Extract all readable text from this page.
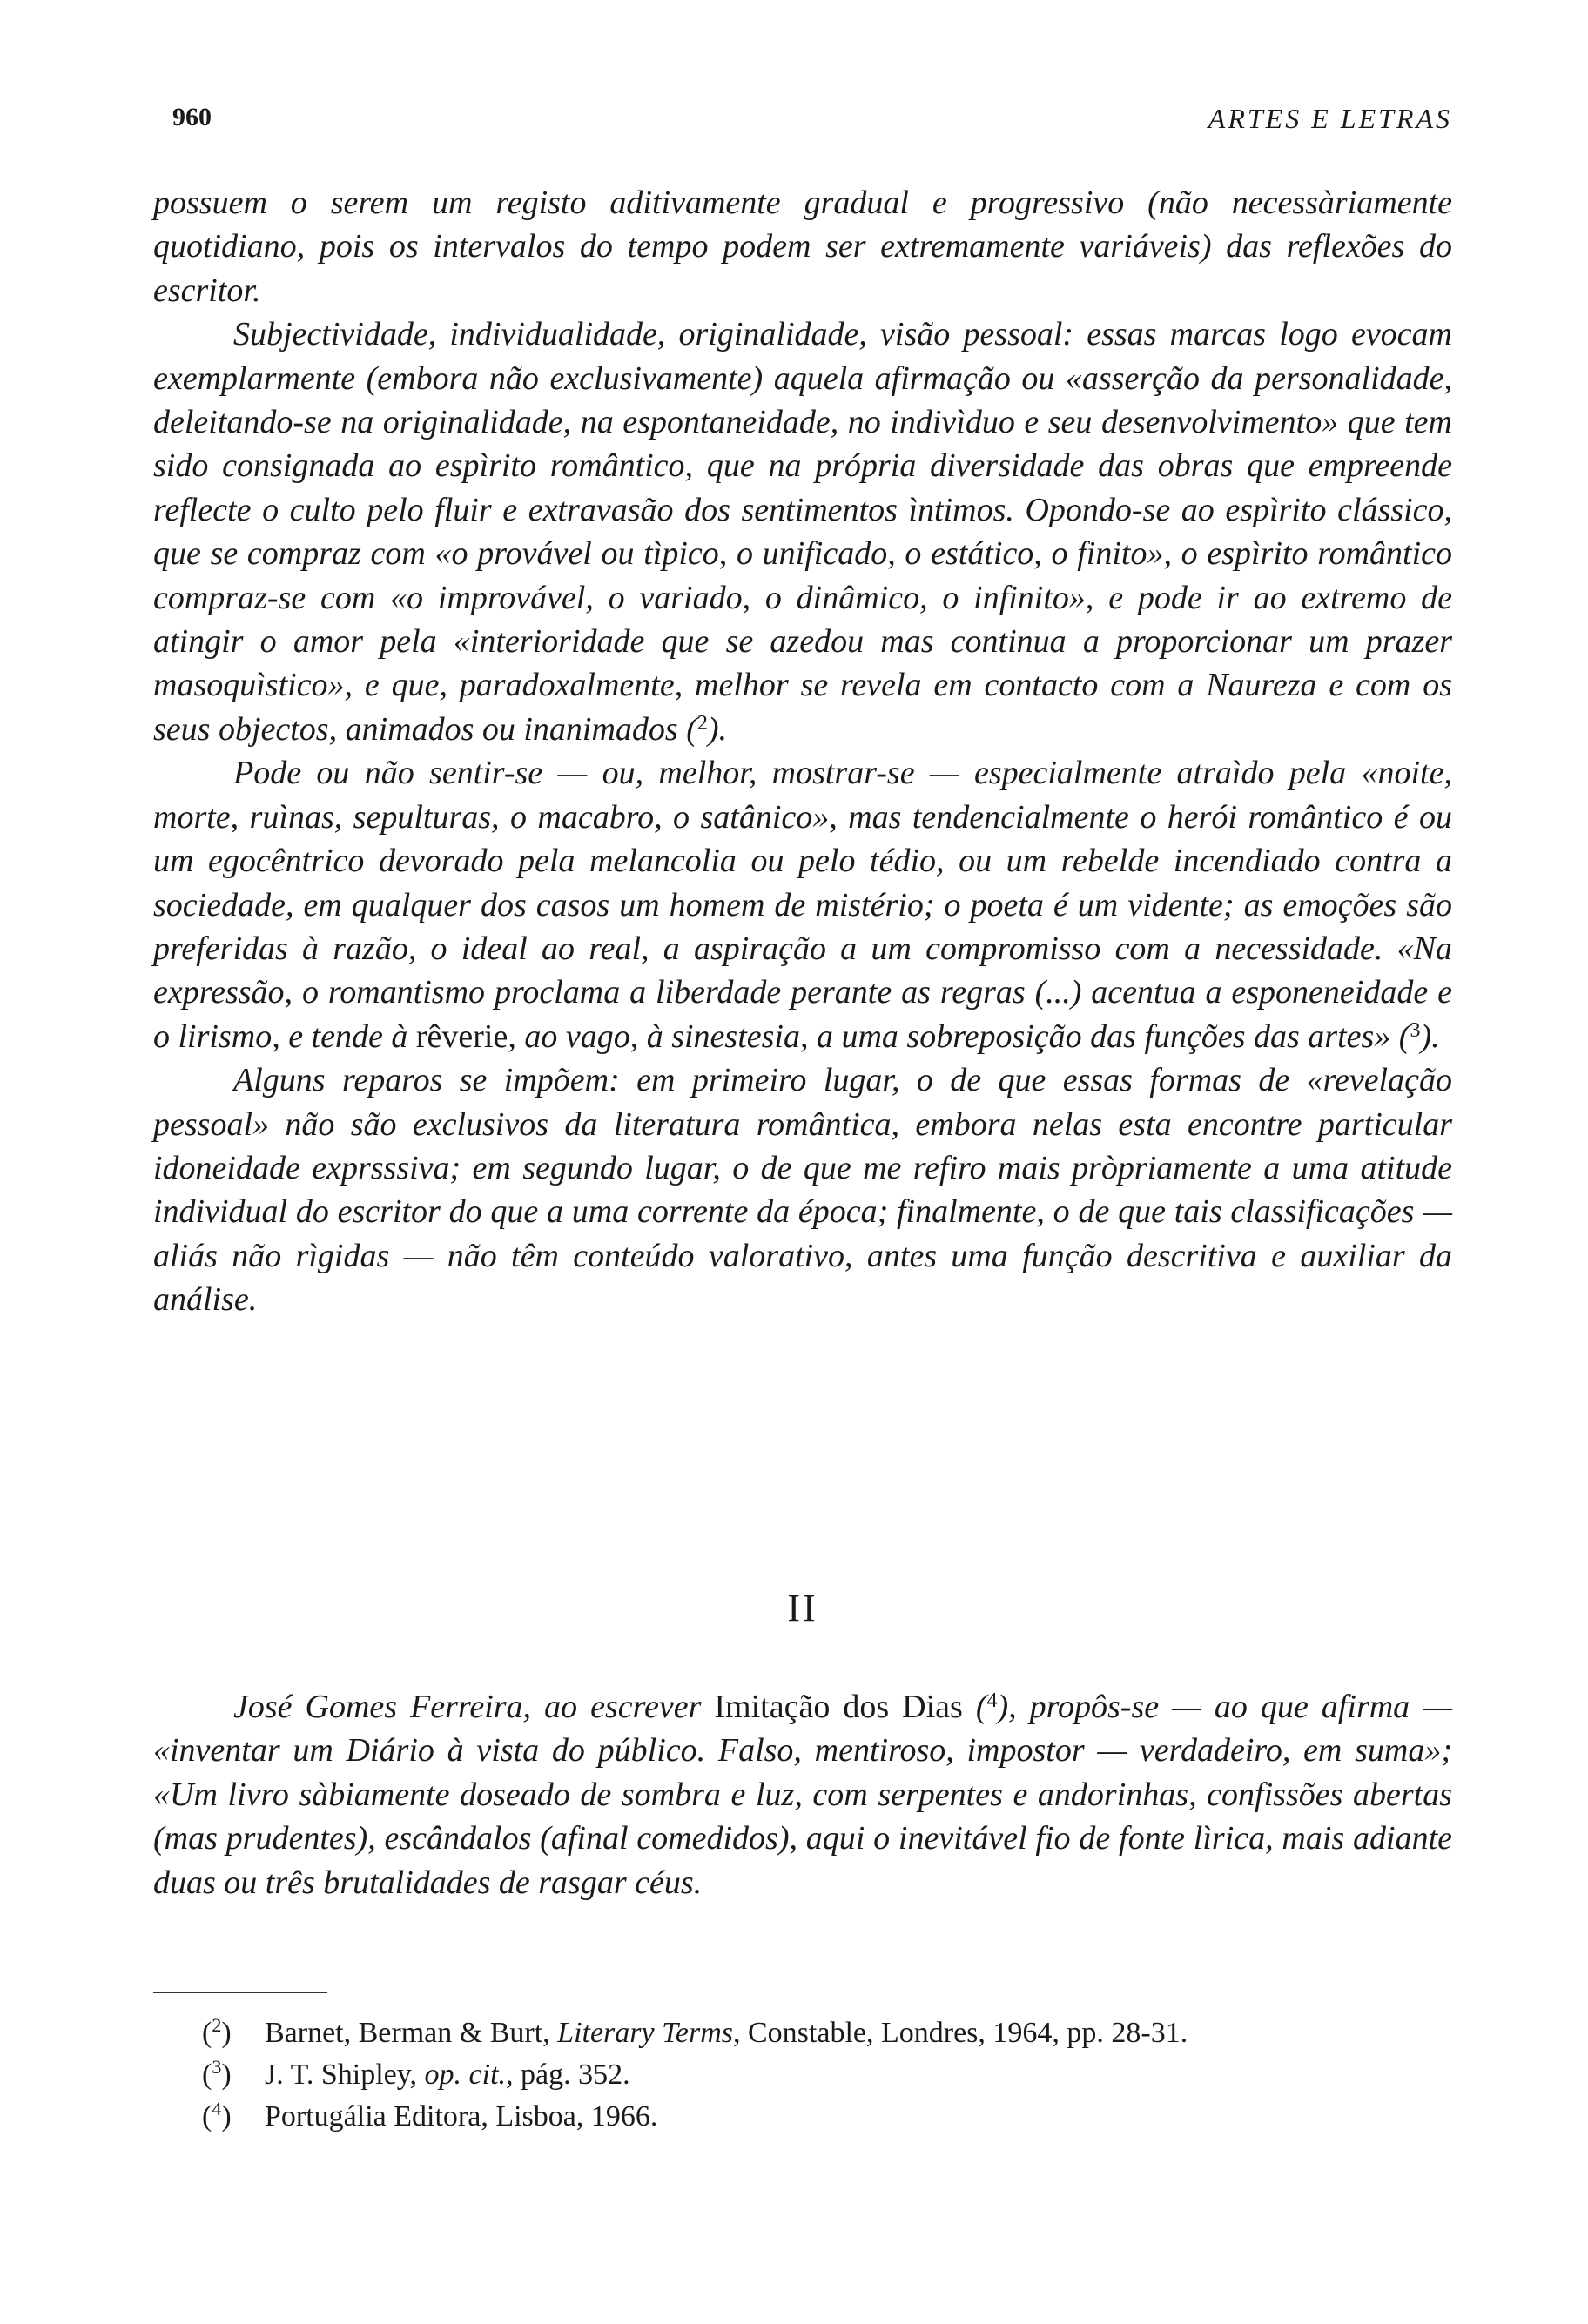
960	ARTES E LETRAS

possuem o serem um registo aditivamente gradual e progressivo (não necessàriamente quotidiano, pois os intervalos do tempo podem ser extremamente variáveis) das reflexões do escritor.

Subjectividade, individualidade, originalidade, visão pessoal: essas marcas logo evocam exemplarmente (embora não exclusivamente) aquela afirmação ou «asserção da personalidade, deleitando-se na originalidade, na espontaneidade, no indivìduo e seu desenvolvimento» que tem sido consignada ao espìrito romântico, que na própria diversidade das obras que empreende reflecte o culto pelo fluir e extravasão dos sentimentos ìntimos. Opondo-se ao espìrito clássico, que se compraz com «o provável ou tìpico, o unificado, o estático, o finito», o espìrito romântico compraz-se com «o improvável, o variado, o dinâmico, o infinito», e pode ir ao extremo de atingir o amor pela «interioridade que se azedou mas continua a proporcionar um prazer masoquìstico», e que, paradoxalmente, melhor se revela em contacto com a Naureza e com os seus objectos, animados ou inanimados ($^2$).

Pode ou não sentir-se — ou, melhor, mostrar-se — especialmente atraìdo pela «noite, morte, ruìnas, sepulturas, o macabro, o satânico», mas tendencialmente o herói romântico é ou um egocêntrico devorado pela melancolia ou pelo tédio, ou um rebelde incendiado contra a sociedade, em qualquer dos casos um homem de mistério; o poeta é um vidente; as emoções são preferidas à razão, o ideal ao real, a aspiração a um compromisso com a necessidade. «Na expressão, o romantismo proclama a liberdade perante as regras (...) acentua a esponeneidade e o lirismo, e tende à rêverie, ao vago, à sinestesia, a uma sobreposição das funções das artes» ($^3$).

Alguns reparos se impõem: em primeiro lugar, o de que essas formas de «revelação pessoal» não são exclusivos da literatura romântica, embora nelas esta encontre particular idoneidade exprsssiva; em segundo lugar, o de que me refiro mais pròpriamente a uma atitude individual do escritor do que a uma corrente da época; finalmente, o de que tais classificações — aliás não rìgidas — não têm conteúdo valorativo, antes uma função descritiva e auxiliar da análise.

II

José Gomes Ferreira, ao escrever Imitação dos Dias ($^4$), propôs-se — ao que afirma — «inventar um Diário à vista do público. Falso, mentiroso, impostor — verdadeiro, em suma»; «Um livro sàbiamente doseado de sombra e luz, com serpentes e andorinhas, confissões abertas (mas prudentes), escândalos (afinal comedidos), aqui o inevitável fio de fonte lìrica, mais adiante duas ou três brutalidades de rasgar céus.

($^2$) Barnet, Berman & Burt, Literary Terms, Constable, Londres, 1964, pp. 28-31.
($^3$) J. T. Shipley, op. cit., pág. 352.
($^4$) Portugália Editora, Lisboa, 1966.
